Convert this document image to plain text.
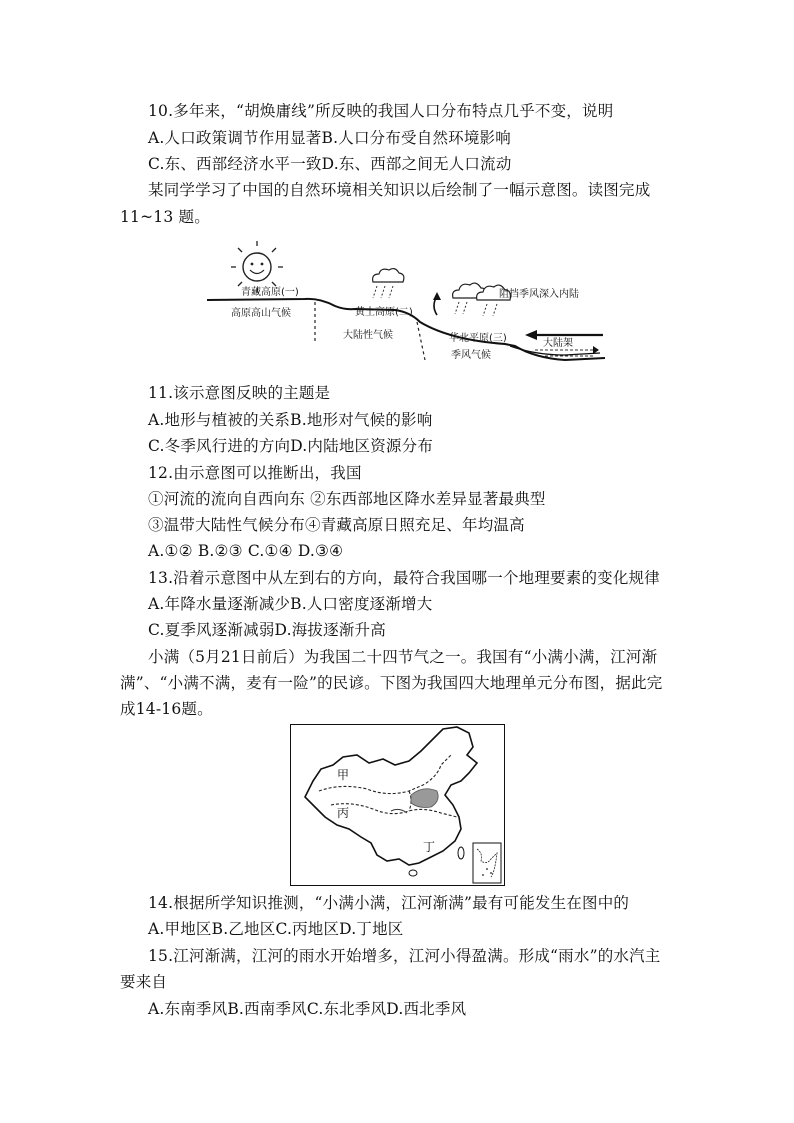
10.多年来，“胡焕庸线”所反映的我国人口分布特点几乎不变，说明
A.人口政策调节作用显著B.人口分布受自然环境影响
C.东、西部经济水平一致D.东、西部之间无人口流动
某同学学习了中国的自然环境相关知识以后绘制了一幅示意图。读图完成
11~13 题。
青藏高原(一)
高原高山气候	黄土高原(二)
大陆性气候
阻挡季风深入内陆
华北平原(三)
季风气候
大陆架
11.该示意图反映的主题是
A.地形与植被的关系B.地形对气候的影响
C.冬季风行进的方向D.内陆地区资源分布
12.由示意图可以推断出，我国
①河流的流向自西向东 ②东西部地区降水差异显著最典型
③温带大陆性气候分布④青藏高原日照充足、年均温高
A.①② B.②③ C.①④ D.③④
13.沿着示意图中从左到右的方向，最符合我国哪一个地理要素的变化规律
A.年降水量逐渐减少B.人口密度逐渐增大
C.夏季风逐渐减弱D.海拔逐渐升高
小满（5月21日前后）为我国二十四节气之一。我国有“小满小满，江河渐
满”、“小满不满，麦有一险”的民谚。下图为我国四大地理单元分布图，据此完
成14-16题。
甲
丙
丁
14.根据所学知识推测，“小满小满，江河渐满”最有可能发生在图中的
A.甲地区B.乙地区C.丙地区D.丁地区
15.江河渐满，江河的雨水开始增多，江河小得盈满。形成“雨水”的水汽主
要来自
A.东南季风B.西南季风C.东北季风D.西北季风
